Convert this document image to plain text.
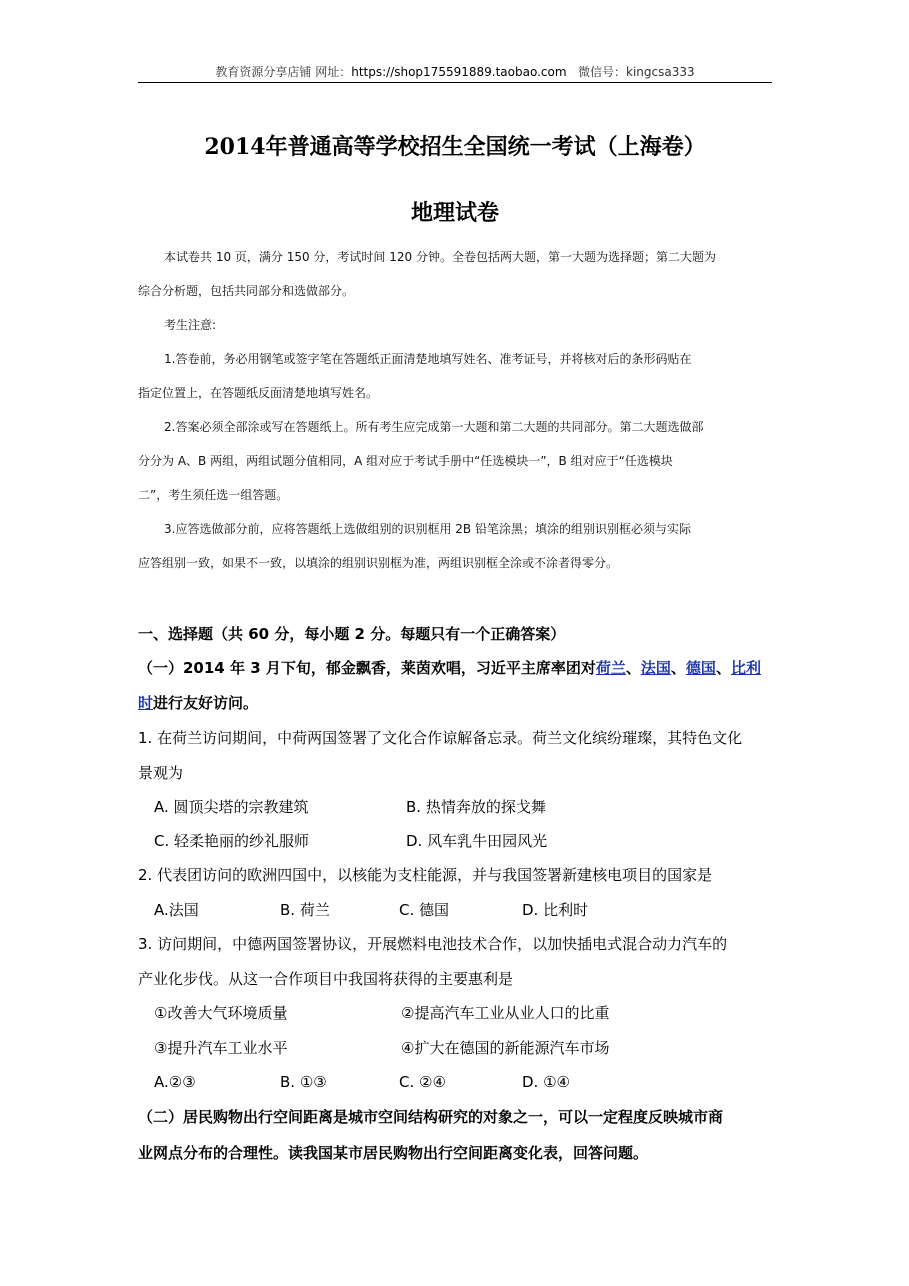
教育资源分享店铺 网址：https://shop175591889.taobao.com 微信号：kingcsa333
2014年普通高等学校招生全国统一考试（上海卷）
地理试卷
本试卷共 10 页，满分 150 分，考试时间 120 分钟。全卷包括两大题，第一大题为选择题；第二大题为
综合分析题，包括共同部分和选做部分。
考生注意:
1.答卷前，务必用钢笔或签字笔在答题纸正面清楚地填写姓名、准考证号，并将核对后的条形码贴在
指定位置上，在答题纸反面清楚地填写姓名。
2.答案必须全部涂或写在答题纸上。所有考生应完成第一大题和第二大题的共同部分。第二大题选做部
分分为 A、B 两组，两组试题分值相同，A 组对应于考试手册中“任选模块一”，B 组对应于“任选模块
二”，考生须任选一组答题。
3.应答选做部分前，应将答题纸上选做组别的识别框用 2B 铅笔涂黑；填涂的组别识别框必须与实际
应答组别一致，如果不一致，以填涂的组别识别框为准，两组识别框全涂或不涂者得零分。
一、选择题（共 60 分，每小题 2 分。每题只有一个正确答案）
（一）2014 年 3 月下旬，郁金飘香，莱茵欢唱，习近平主席率团对荷兰、法国、德国、比利
时进行友好访问。
1. 在荷兰访问期间，中荷两国签署了文化合作谅解备忘录。荷兰文化缤纷璀璨，其特色文化
景观为
A. 圆顶尖塔的宗教建筑	B. 热情奔放的探戈舞
C. 轻柔艳丽的纱礼服师	D. 风车乳牛田园风光
2. 代表团访问的欧洲四国中，以核能为支柱能源，并与我国签署新建核电项目的国家是
A.法国	B. 荷兰	C. 德国	D. 比利时
3. 访问期间，中德两国签署协议，开展燃料电池技术合作，以加快插电式混合动力汽车的
产业化步伐。从这一合作项目中我国将获得的主要惠利是
①改善大气环境质量	②提高汽车工业从业人口的比重
③提升汽车工业水平	④扩大在德国的新能源汽车市场
A.②③	B. ①③	C. ②④	D. ①④
（二）居民购物出行空间距离是城市空间结构研究的对象之一，可以一定程度反映城市商
业网点分布的合理性。读我国某市居民购物出行空间距离变化表，回答问题。
